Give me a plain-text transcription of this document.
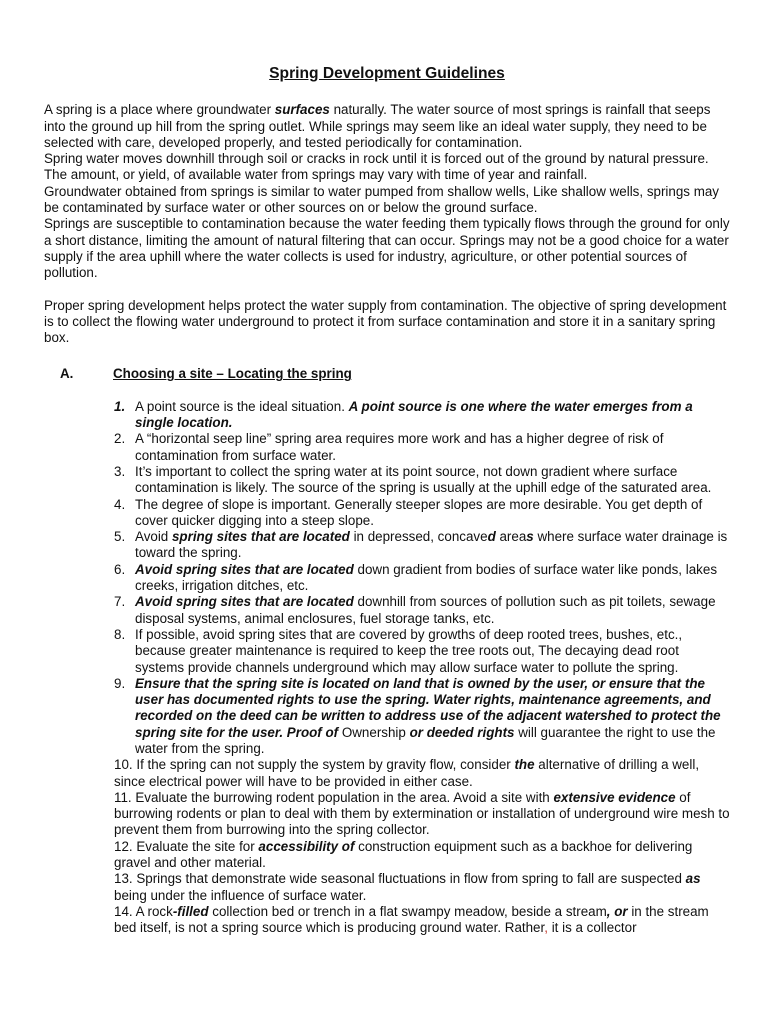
Spring Development Guidelines

A spring is a place where groundwater surfaces naturally. The water source of most springs is rainfall that seeps into the ground up hill from the spring outlet. While springs may seem like an ideal water supply, they need to be selected with care, developed properly, and tested periodically for contamination.

Spring water moves downhill through soil or cracks in rock until it is forced out of the ground by natural pressure. The amount, or yield, of available water from springs may vary with time of year and rainfall.

Groundwater obtained from springs is similar to water pumped from shallow wells, Like shallow wells, springs may be contaminated by surface water or other sources on or below the ground surface.

Springs are susceptible to contamination because the water feeding them typically flows through the ground for only a short distance, limiting the amount of natural filtering that can occur. Springs may not be a good choice for a water supply if the area uphill where the water collects is used for industry, agriculture, or other potential sources of pollution.

Proper spring development helps protect the water supply from contamination. The objective of spring development is to collect the flowing water underground to protect it from surface contamination and store it in a sanitary spring box.

A.	Choosing a site – Locating the spring
1. A point source is the ideal situation. A point source is one where the water emerges from a single location.
2. A “horizontal seep line” spring area requires more work and has a higher degree of risk of contamination from surface water.
3. It’s important to collect the spring water at its point source, not down gradient where surface contamination is likely. The source of the spring is usually at the uphill edge of the saturated area.
4. The degree of slope is important. Generally steeper slopes are more desirable. You get depth of cover quicker digging into a steep slope.
5. Avoid spring sites that are located in depressed, concaved areas where surface water drainage is toward the spring.
6. Avoid spring sites that are located down gradient from bodies of surface water like ponds, lakes creeks, irrigation ditches, etc.
7. Avoid spring sites that are located downhill from sources of pollution such as pit toilets, sewage disposal systems, animal enclosures, fuel storage tanks, etc.
8. If possible, avoid spring sites that are covered by growths of deep rooted trees, bushes, etc., because greater maintenance is required to keep the tree roots out, The decaying dead root systems provide channels underground which may allow surface water to pollute the spring.
9. Ensure that the spring site is located on land that is owned by the user, or ensure that the user has documented rights to use the spring. Water rights, maintenance agreements, and recorded on the deed can be written to address use of the adjacent watershed to protect the spring site for the user. Proof of Ownership or deeded rights will guarantee the right to use the water from the spring.
10. If the spring can not supply the system by gravity flow, consider the alternative of drilling a well, since electrical power will have to be provided in either case.
11. Evaluate the burrowing rodent population in the area. Avoid a site with extensive evidence of burrowing rodents or plan to deal with them by extermination or installation of underground wire mesh to prevent them from burrowing into the spring collector.
12. Evaluate the site for accessibility of construction equipment such as a backhoe for delivering gravel and other material.
13. Springs that demonstrate wide seasonal fluctuations in flow from spring to fall are suspected as being under the influence of surface water.
14. A rock-filled collection bed or trench in a flat swampy meadow, beside a stream, or in the stream bed itself, is not a spring source which is producing ground water. Rather, it is a collector
